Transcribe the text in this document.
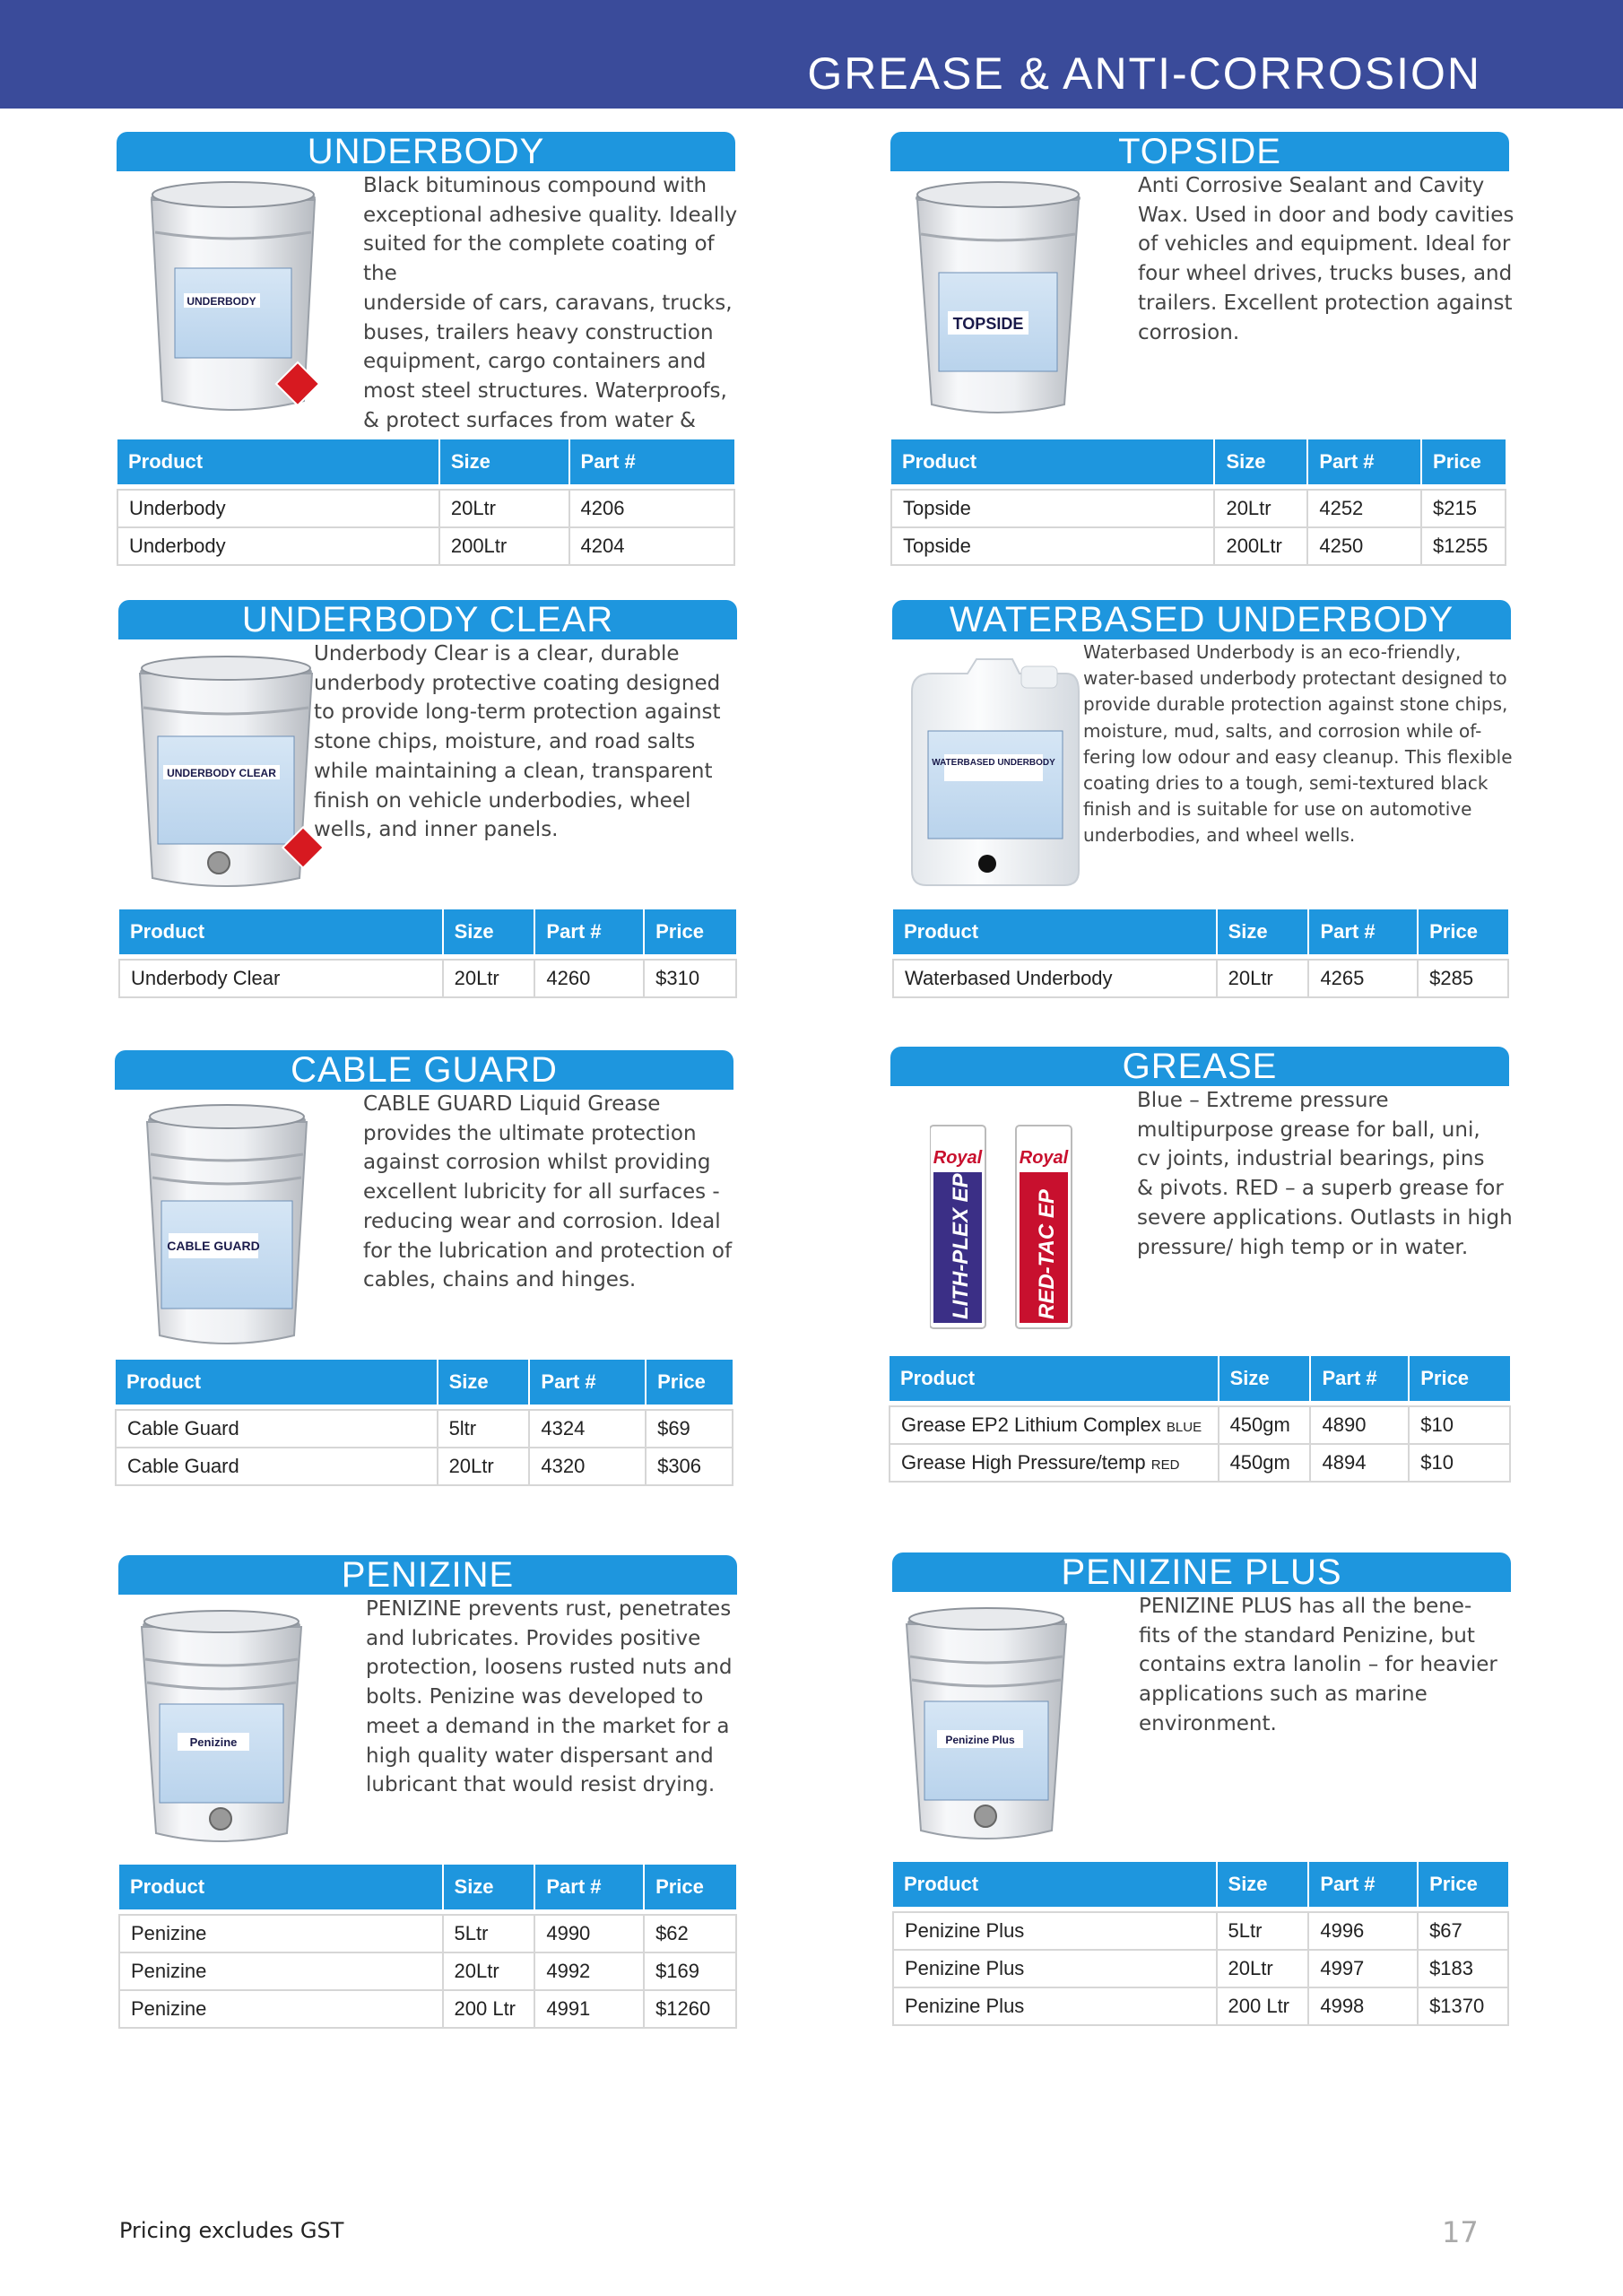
GREASE & ANTI-CORROSION
UNDERBODY
UNDERBODY
Black bituminous compound with
exceptional adhesive quality. Ideally
suited for the complete coating of the
underside of cars, caravans, trucks,
buses, trailers heavy construction
equipment, cargo containers and
most steel structures. Waterproofs,
& protect surfaces from water &
Product	Size	Part #

Underbody	20Ltr	4206
Underbody	200Ltr	4204
TOPSIDE
TOPSIDE
Anti Corrosive Sealant and Cavity
Wax. Used in door and body cavities
of vehicles and equipment. Ideal for
four wheel drives, trucks buses, and
trailers. Excellent protection against
corrosion.
Product	Size	Part #	Price

Topside	20Ltr	4252	$215
Topside	200Ltr	4250	$1255
UNDERBODY CLEAR
UNDERBODY CLEAR
Underbody Clear is a clear, durable
underbody protective coating designed
to provide long-term protection against
stone chips, moisture, and road salts
while maintaining a clean, transparent
finish on vehicle underbodies, wheel
wells, and inner panels.
Product	Size	Part #	Price

Underbody Clear	20Ltr	4260	$310
WATERBASED UNDERBODY
WATERBASED UNDERBODY
Waterbased Underbody is an eco-friendly,
water-based underbody protectant designed to
provide durable protection against stone chips,
moisture, mud, salts, and corrosion while of-
fering low odour and easy cleanup. This flexible
coating dries to a tough, semi-textured black
finish and is suitable for use on automotive
underbodies, and wheel wells.
Product	Size	Part #	Price

Waterbased Underbody	20Ltr	4265	$285
CABLE GUARD
CABLE GUARD
CABLE GUARD Liquid Grease
provides the ultimate protection
against corrosion whilst providing
excellent lubricity for all surfaces -
reducing wear and corrosion. Ideal
for the lubrication and protection of
cables, chains and hinges.
Product	Size	Part #	Price

Cable Guard	5ltr	4324	$69
Cable Guard	20Ltr	4320	$306
GREASE
Royal
LITH-PLEX EP
Royal
RED-TAC EP
Blue – Extreme pressure
multipurpose grease for ball, uni,
cv joints, industrial bearings, pins
& pivots. RED – a superb grease for
severe applications. Outlasts in high
pressure/ high temp or in water.
Product	Size	Part #	Price

Grease EP2 Lithium Complex BLUE	450gm	4890	$10
Grease High Pressure/temp RED	450gm	4894	$10
PENIZINE
Penizine
PENIZINE prevents rust, penetrates
and lubricates. Provides positive
protection, loosens rusted nuts and
bolts. Penizine was developed to
meet a demand in the market for a
high quality water dispersant and
lubricant that would resist drying.
Product	Size	Part #	Price

Penizine	5Ltr	4990	$62
Penizine	20Ltr	4992	$169
Penizine	200 Ltr	4991	$1260
PENIZINE PLUS
Penizine Plus
PENIZINE PLUS has all the bene-
fits of the standard Penizine, but
contains extra lanolin – for heavier
applications such as marine
environment.
Product	Size	Part #	Price

Penizine Plus	5Ltr	4996	$67
Penizine Plus	20Ltr	4997	$183
Penizine Plus	200 Ltr	4998	$1370
Pricing excludes GST	17
